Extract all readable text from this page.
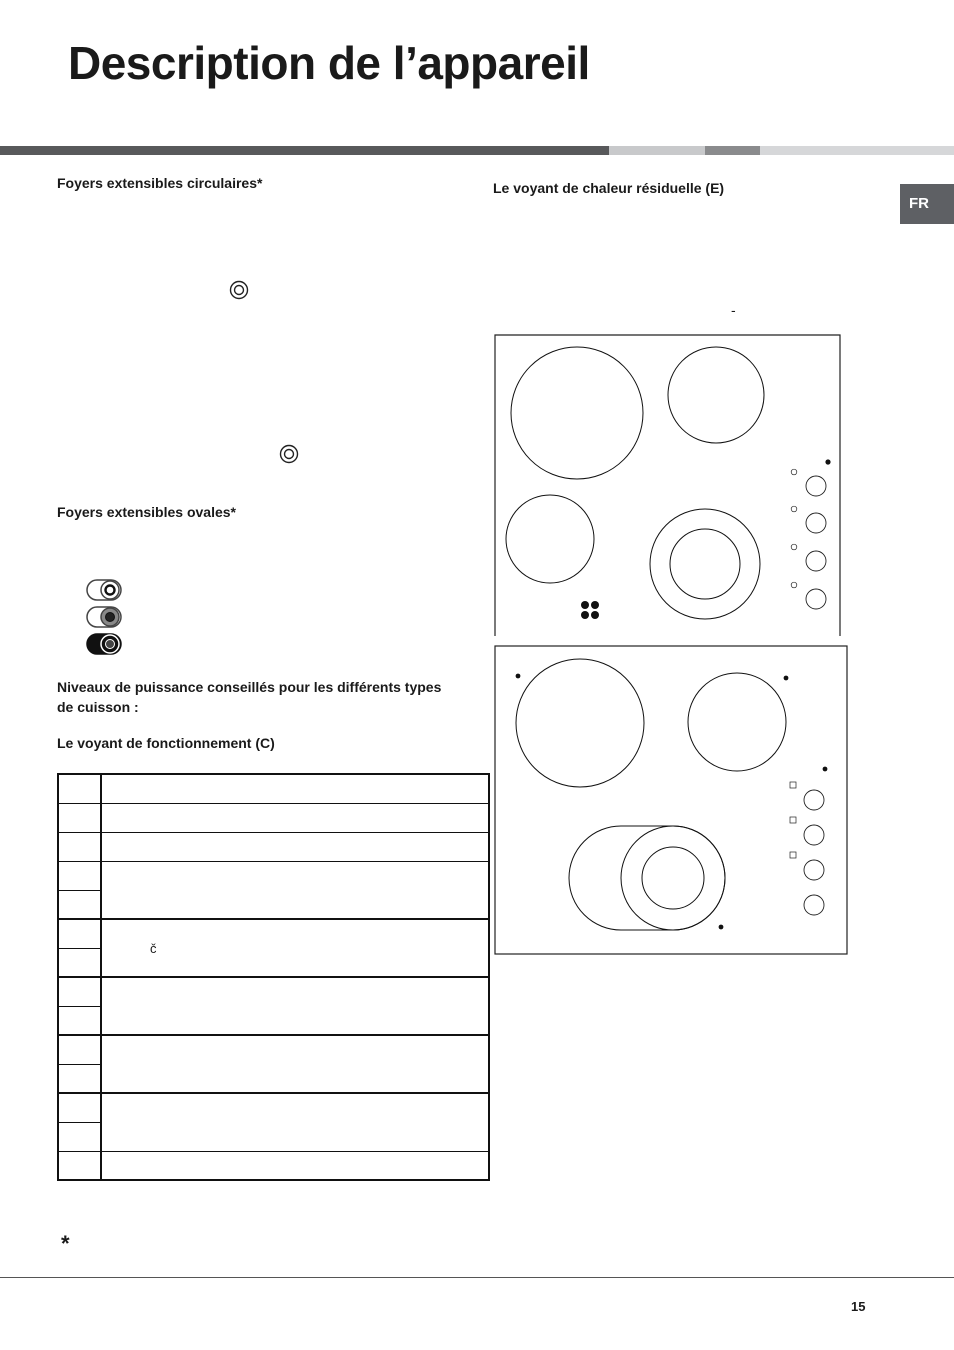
Description de l’appareil
FR
Foyers extensibles circulaires*
Foyers extensibles ovales*
Niveaux de puissance conseillés pour les différents types de cuisson :
Le voyant de fonctionnement (C)
Le voyant de chaleur résiduelle (E)
-

	č

*
15
